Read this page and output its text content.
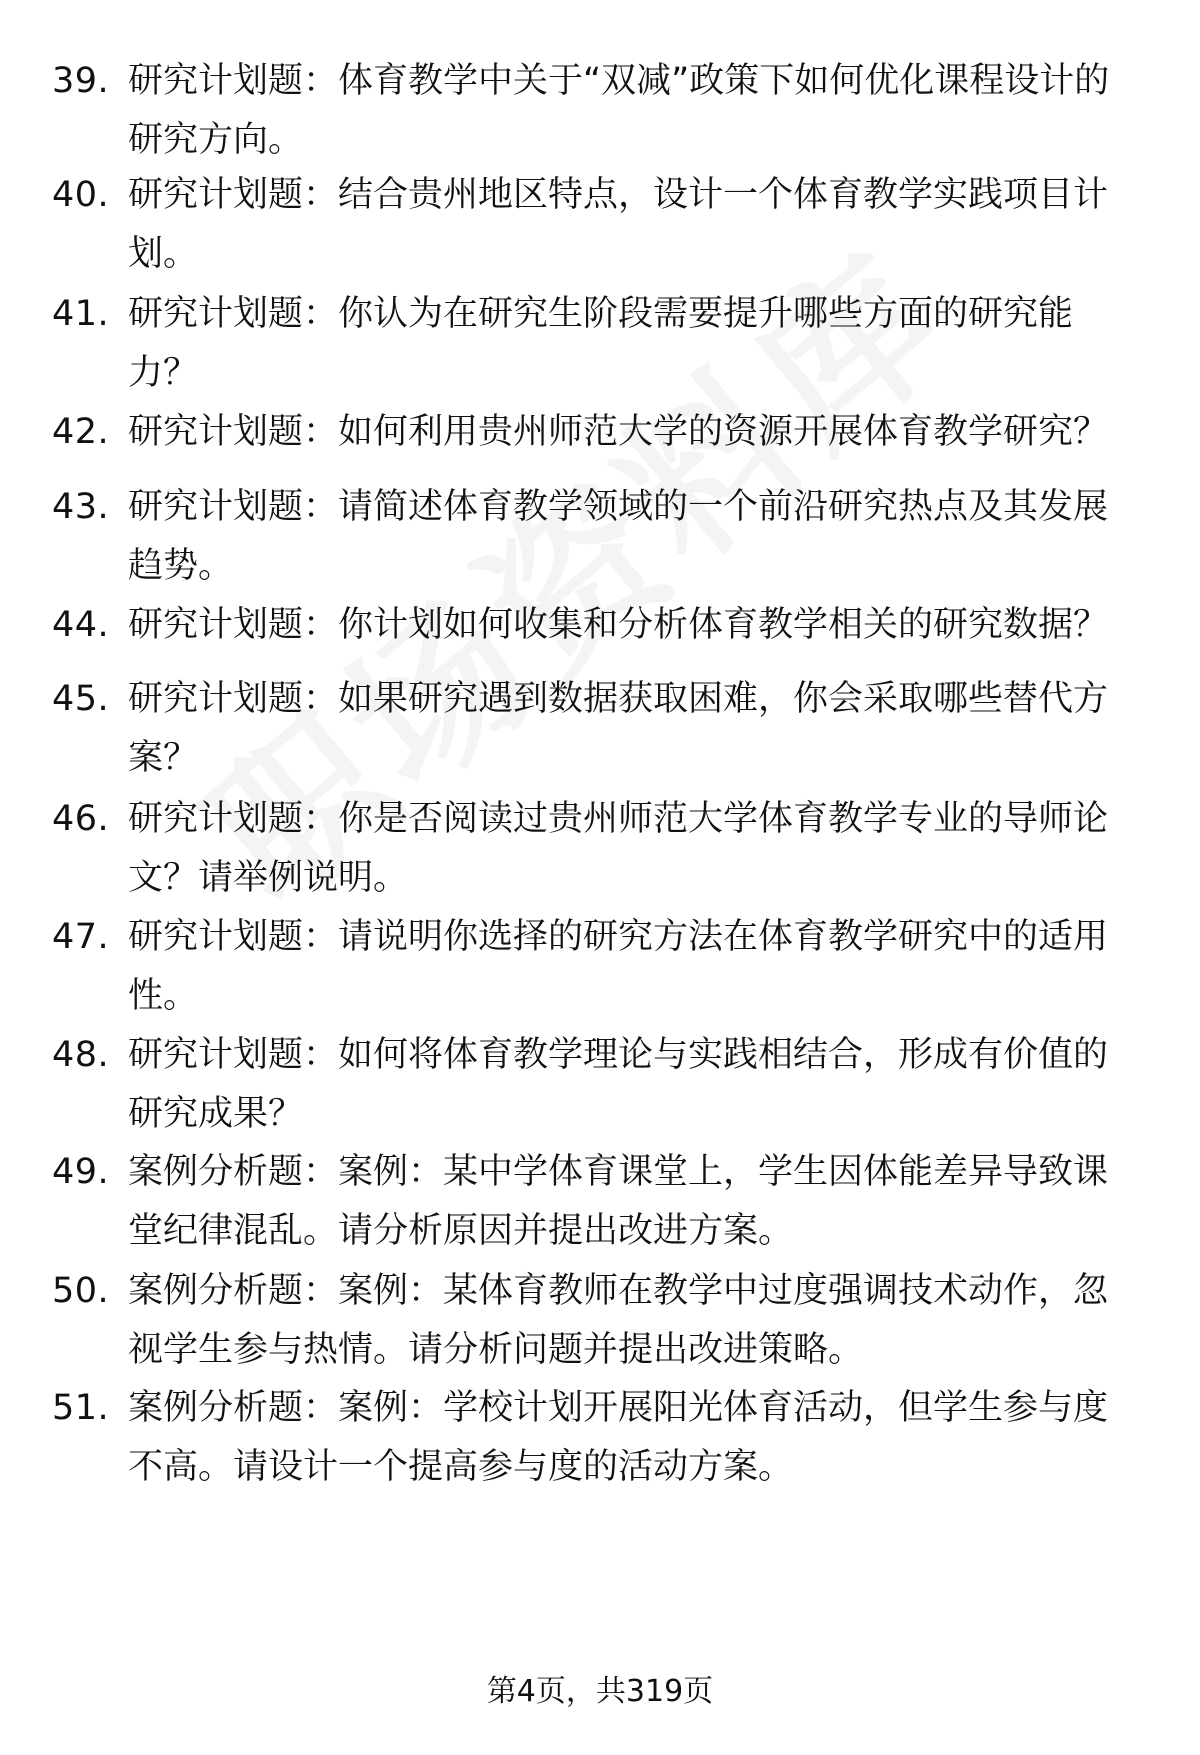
39. 研究计划题：体育教学中关于“双减”政策下如何优化课程设计的研究方向。
40. 研究计划题：结合贵州地区特点，设计一个体育教学实践项目计划。
41. 研究计划题：你认为在研究生阶段需要提升哪些方面的研究能力？
42. 研究计划题：如何利用贵州师范大学的资源开展体育教学研究？
43. 研究计划题：请简述体育教学领域的一个前沿研究热点及其发展趋势。
44. 研究计划题：你计划如何收集和分析体育教学相关的研究数据？
45. 研究计划题：如果研究遇到数据获取困难，你会采取哪些替代方案？
46. 研究计划题：你是否阅读过贵州师范大学体育教学专业的导师论文？请举例说明。
47. 研究计划题：请说明你选择的研究方法在体育教学研究中的适用性。
48. 研究计划题：如何将体育教学理论与实践相结合，形成有价值的研究成果？
49. 案例分析题：案例：某中学体育课堂上，学生因体能差异导致课堂纪律混乱。请分析原因并提出改进方案。
50. 案例分析题：案例：某体育教师在教学中过度强调技术动作，忽视学生参与热情。请分析问题并提出改进策略。
51. 案例分析题：案例：学校计划开展阳光体育活动，但学生参与度不高。请设计一个提高参与度的活动方案。
第4页，共319页
